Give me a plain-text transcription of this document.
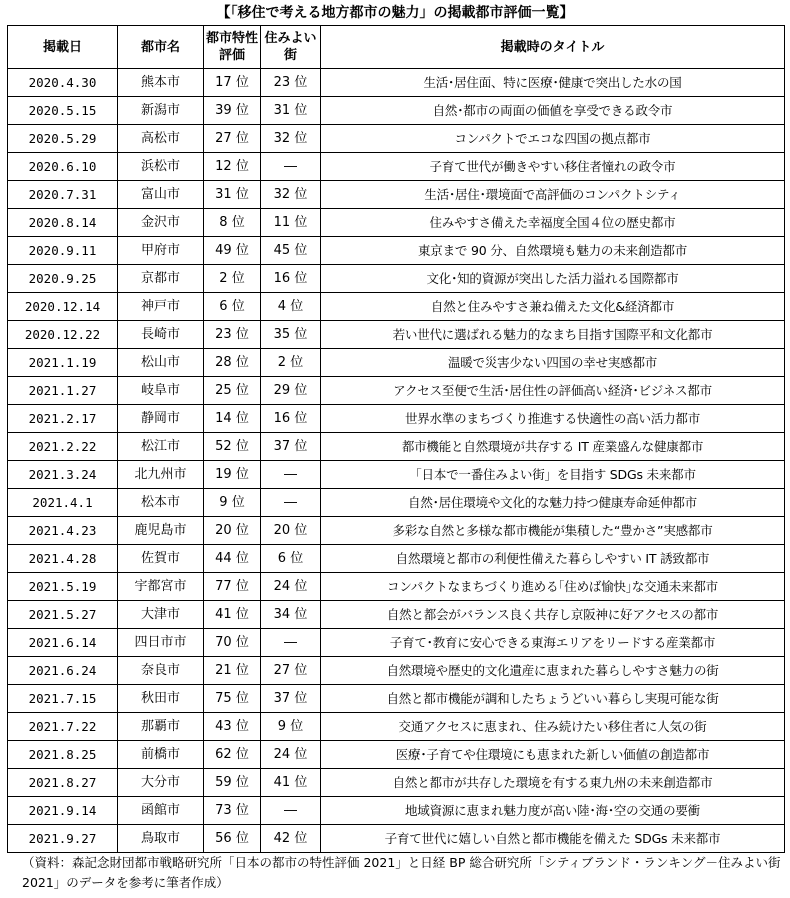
【「移住で考える地方都市の魅力」の掲載都市評価一覧】
掲載日	都市名	都市特性評価	住みよい街	掲載時のタイトル
2020.4.30	熊本市	17 位	23 位	生活･居住面、特に医療･健康で突出した水の国
2020.5.15	新潟市	39 位	31 位	自然･都市の両面の価値を享受できる政令市
2020.5.29	高松市	27 位	32 位	コンパクトでエコな四国の拠点都市
2020.6.10	浜松市	12 位	―	子育て世代が働きやすい移住者憧れの政令市
2020.7.31	富山市	31 位	32 位	生活･居住･環境面で高評価のコンパクトシティ
2020.8.14	金沢市	8 位	11 位	住みやすさ備えた幸福度全国４位の歴史都市
2020.9.11	甲府市	49 位	45 位	東京まで 90 分、自然環境も魅力の未来創造都市
2020.9.25	京都市	2 位	16 位	文化･知的資源が突出した活力溢れる国際都市
2020.12.14	神戸市	6 位	4 位	自然と住みやすさ兼ね備えた文化&経済都市
2020.12.22	長崎市	23 位	35 位	若い世代に選ばれる魅力的なまち目指す国際平和文化都市
2021.1.19	松山市	28 位	2 位	温暖で災害少ない四国の幸せ実感都市
2021.1.27	岐阜市	25 位	29 位	アクセス至便で生活･居住性の評価高い経済･ビジネス都市
2021.2.17	静岡市	14 位	16 位	世界水準のまちづくり推進する快適性の高い活力都市
2021.2.22	松江市	52 位	37 位	都市機能と自然環境が共存する IT 産業盛んな健康都市
2021.3.24	北九州市	19 位	―	「日本で一番住みよい街」を目指す SDGs 未来都市
2021.4.1	松本市	9 位	―	自然･居住環境や文化的な魅力持つ健康寿命延伸都市
2021.4.23	鹿児島市	20 位	20 位	多彩な自然と多様な都市機能が集積した“豊かさ”実感都市
2021.4.28	佐賀市	44 位	6 位	自然環境と都市の利便性備えた暮らしやすい IT 誘致都市
2021.5.19	宇都宮市	77 位	24 位	コンパクトなまちづくり進める｢住めば愉快｣な交通未来都市
2021.5.27	大津市	41 位	34 位	自然と都会がバランス良く共存し京阪神に好アクセスの都市
2021.6.14	四日市市	70 位	―	子育て･教育に安心できる東海エリアをリードする産業都市
2021.6.24	奈良市	21 位	27 位	自然環境や歴史的文化遺産に恵まれた暮らしやすさ魅力の街
2021.7.15	秋田市	75 位	37 位	自然と都市機能が調和したちょうどいい暮らし実現可能な街
2021.7.22	那覇市	43 位	9 位	交通アクセスに恵まれ、住み続けたい移住者に人気の街
2021.8.25	前橋市	62 位	24 位	医療･子育てや住環境にも恵まれた新しい価値の創造都市
2021.8.27	大分市	59 位	41 位	自然と都市が共存した環境を有する東九州の未来創造都市
2021.9.14	函館市	73 位	―	地域資源に恵まれ魅力度が高い陸･海･空の交通の要衝
2021.9.27	鳥取市	56 位	42 位	子育て世代に嬉しい自然と都市機能を備えた SDGs 未来都市
（資料：森記念財団都市戦略研究所「日本の都市の特性評価 2021」と日経 BP 総合研究所「シティブランド・ランキング－住みよい街 2021」のデータを参考に筆者作成）
